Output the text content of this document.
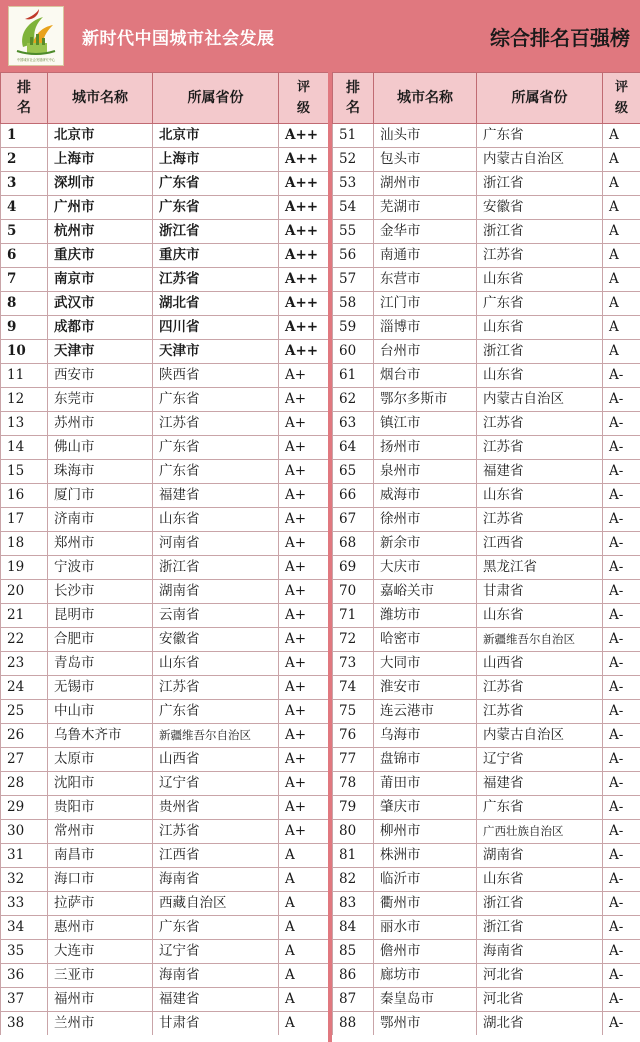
中国城市社会发展研究中心
新时代中国城市社会发展	综合排名百强榜
排名	城市名称	所属省份	评级
1	北京市	北京市	A++
2	上海市	上海市	A++
3	深圳市	广东省	A++
4	广州市	广东省	A++
5	杭州市	浙江省	A++
6	重庆市	重庆市	A++
7	南京市	江苏省	A++
8	武汉市	湖北省	A++
9	成都市	四川省	A++
10	天津市	天津市	A++
11	西安市	陕西省	A+
12	东莞市	广东省	A+
13	苏州市	江苏省	A+
14	佛山市	广东省	A+
15	珠海市	广东省	A+
16	厦门市	福建省	A+
17	济南市	山东省	A+
18	郑州市	河南省	A+
19	宁波市	浙江省	A+
20	长沙市	湖南省	A+
21	昆明市	云南省	A+
22	合肥市	安徽省	A+
23	青岛市	山东省	A+
24	无锡市	江苏省	A+
25	中山市	广东省	A+
26	乌鲁木齐市	新疆维吾尔自治区	A+
27	太原市	山西省	A+
28	沈阳市	辽宁省	A+
29	贵阳市	贵州省	A+
30	常州市	江苏省	A+
31	南昌市	江西省	A
32	海口市	海南省	A
33	拉萨市	西藏自治区	A
34	惠州市	广东省	A
35	大连市	辽宁省	A
36	三亚市	海南省	A
37	福州市	福建省	A
38	兰州市	甘肃省	A
排名	城市名称	所属省份	评级
51	汕头市	广东省	A
52	包头市	内蒙古自治区	A
53	湖州市	浙江省	A
54	芜湖市	安徽省	A
55	金华市	浙江省	A
56	南通市	江苏省	A
57	东营市	山东省	A
58	江门市	广东省	A
59	淄博市	山东省	A
60	台州市	浙江省	A
61	烟台市	山东省	A-
62	鄂尔多斯市	内蒙古自治区	A-
63	镇江市	江苏省	A-
64	扬州市	江苏省	A-
65	泉州市	福建省	A-
66	威海市	山东省	A-
67	徐州市	江苏省	A-
68	新余市	江西省	A-
69	大庆市	黑龙江省	A-
70	嘉峪关市	甘肃省	A-
71	潍坊市	山东省	A-
72	哈密市	新疆维吾尔自治区	A-
73	大同市	山西省	A-
74	淮安市	江苏省	A-
75	连云港市	江苏省	A-
76	乌海市	内蒙古自治区	A-
77	盘锦市	辽宁省	A-
78	莆田市	福建省	A-
79	肇庆市	广东省	A-
80	柳州市	广西壮族自治区	A-
81	株洲市	湖南省	A-
82	临沂市	山东省	A-
83	衢州市	浙江省	A-
84	丽水市	浙江省	A-
85	儋州市	海南省	A-
86	廊坊市	河北省	A-
87	秦皇岛市	河北省	A-
88	鄂州市	湖北省	A-
